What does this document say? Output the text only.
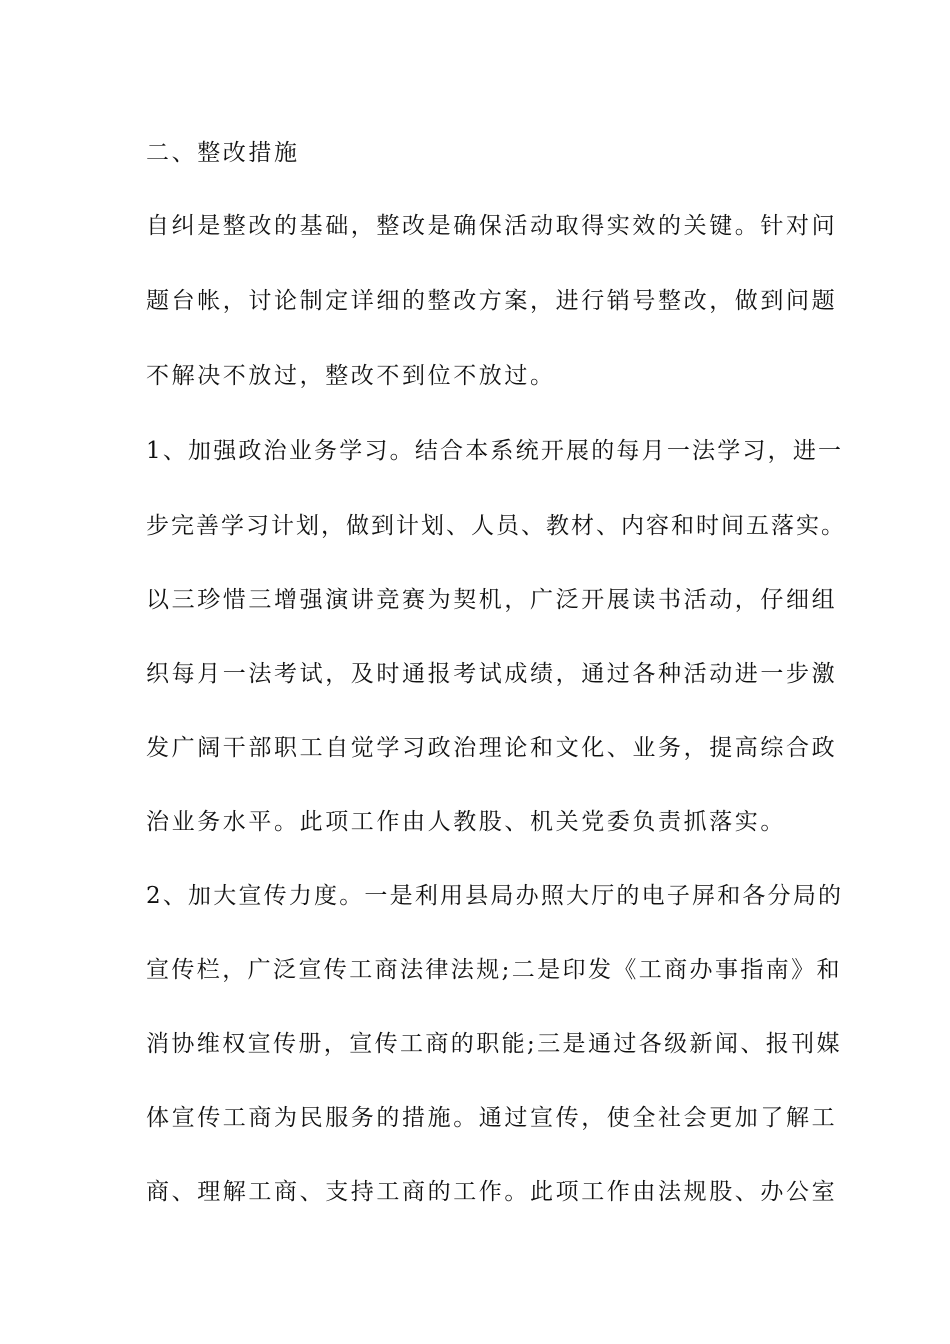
二、整改措施
自纠是整改的基础，整改是确保活动取得实效的关键。针对问
题台帐，讨论制定详细的整改方案，进行销号整改，做到问题
不解决不放过，整改不到位不放过。
1、加强政治业务学习。结合本系统开展的每月一法学习，进一
步完善学习计划，做到计划、人员、教材、内容和时间五落实。
以三珍惜三增强演讲竞赛为契机，广泛开展读书活动，仔细组
织每月一法考试，及时通报考试成绩，通过各种活动进一步激
发广阔干部职工自觉学习政治理论和文化、业务，提高综合政
治业务水平。此项工作由人教股、机关党委负责抓落实。
2、加大宣传力度。一是利用县局办照大厅的电子屏和各分局的
宣传栏，广泛宣传工商法律法规;二是印发《工商办事指南》和
消协维权宣传册，宣传工商的职能;三是通过各级新闻、报刊媒
体宣传工商为民服务的措施。通过宣传，使全社会更加了解工
商、理解工商、支持工商的工作。此项工作由法规股、办公室
